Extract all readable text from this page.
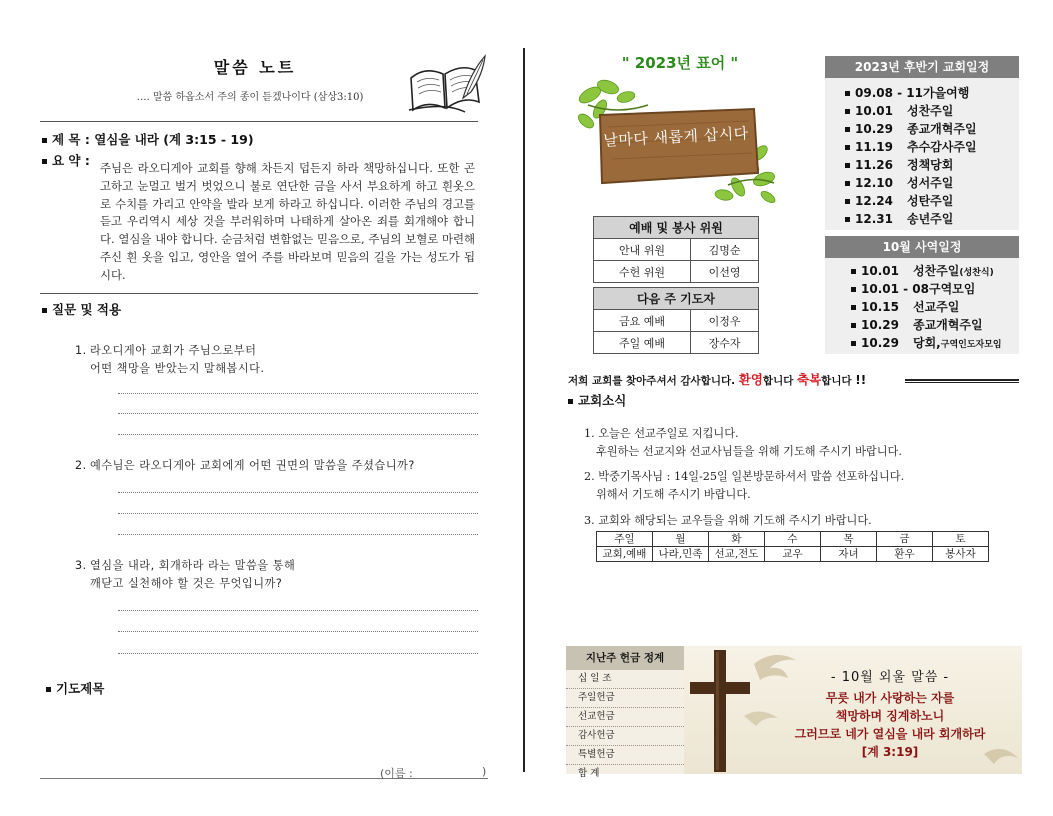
말씀 노트
…. 말씀 하옵소서 주의 종이 듣겠나이다 (삼상3:10)
제 목 : 열심을 내라 (계 3:15 - 19)
요 약 : 주님은 라오디게아 교회를 향해 차든지 덥든지 하라 책망하십니다. 또한 곤고하고 눈멀고 벌거 벗었으니 불로 연단한 금을 사서 부요하게 하고 흰옷으로 수치를 가리고 안약을 발라 보게 하라고 하십니다. 이러한 주님의 경고를 듣고 우리역시 세상 것을 부러워하며 나태하게 살아온 죄를 회개해야 합니다. 열심을 내야 합니다. 순금처럼 변함없는 믿음으로, 주님의 보혈로 마련해주신 흰 옷을 입고, 영안을 열어 주를 바라보며 믿음의 길을 가는 성도가 됩시다.
질문 및 적용
1. 라오디게아 교회가 주님으로부터
어떤 책망을 받았는지 말해봅시다.
2. 예수님은 라오디게아 교회에게 어떤 권면의 말씀을 주셨습니까?
3. 열심을 내라, 회개하라 라는 말씀을 통해
깨닫고 실천해야 할 것은 무엇입니까?
기도제목
(이름 :	)
" 2023년 표어 "
날마다 새롭게 삽시다
예배 및 봉사 위원	
안내 위원	김명순
수헌 위원	이선영
다음 주 기도자	
금요 예배	이정우
주일 예배	장수자
2023년 후반기 교회일정
09.08 - 11가을여행
10.01 성찬주일
10.29 종교개혁주일
11.19 추수감사주일
11.26 정책당회
12.10 성서주일
12.24 성탄주일
12.31 송년주일
10월 사역일정
10.01 성찬주일(성찬식)
10.01 - 08구역모임
10.15 선교주일
10.29 종교개혁주일
10.29 당회,구역인도자모임
저희 교회를 찾아주셔서 감사합니다. 환영합니다 축복합니다 !!
교회소식
1. 오늘은 선교주일로 지킵니다.
후원하는 선교지와 선교사님들을 위해 기도해 주시기 바랍니다.
2. 박중기목사님 : 14일-25일 일본방문하셔서 말씀 선포하십니다.
위해서 기도해 주시기 바랍니다.
3. 교회와 해당되는 교우들을 위해 기도해 주시기 바랍니다.
주일	월	화	수	목	금	토
교회,예배	나라,민족	선교,전도	교우	자녀	환우	봉사자
지난주 헌금 정계
십 일 조
주일헌금
선교헌금
감사헌금
특별헌금
합 계
- 10월 외울 말씀 -
무릇 내가 사랑하는 자를
책망하며 징계하노니
그러므로 네가 열심을 내라 회개하라
[계 3:19]
